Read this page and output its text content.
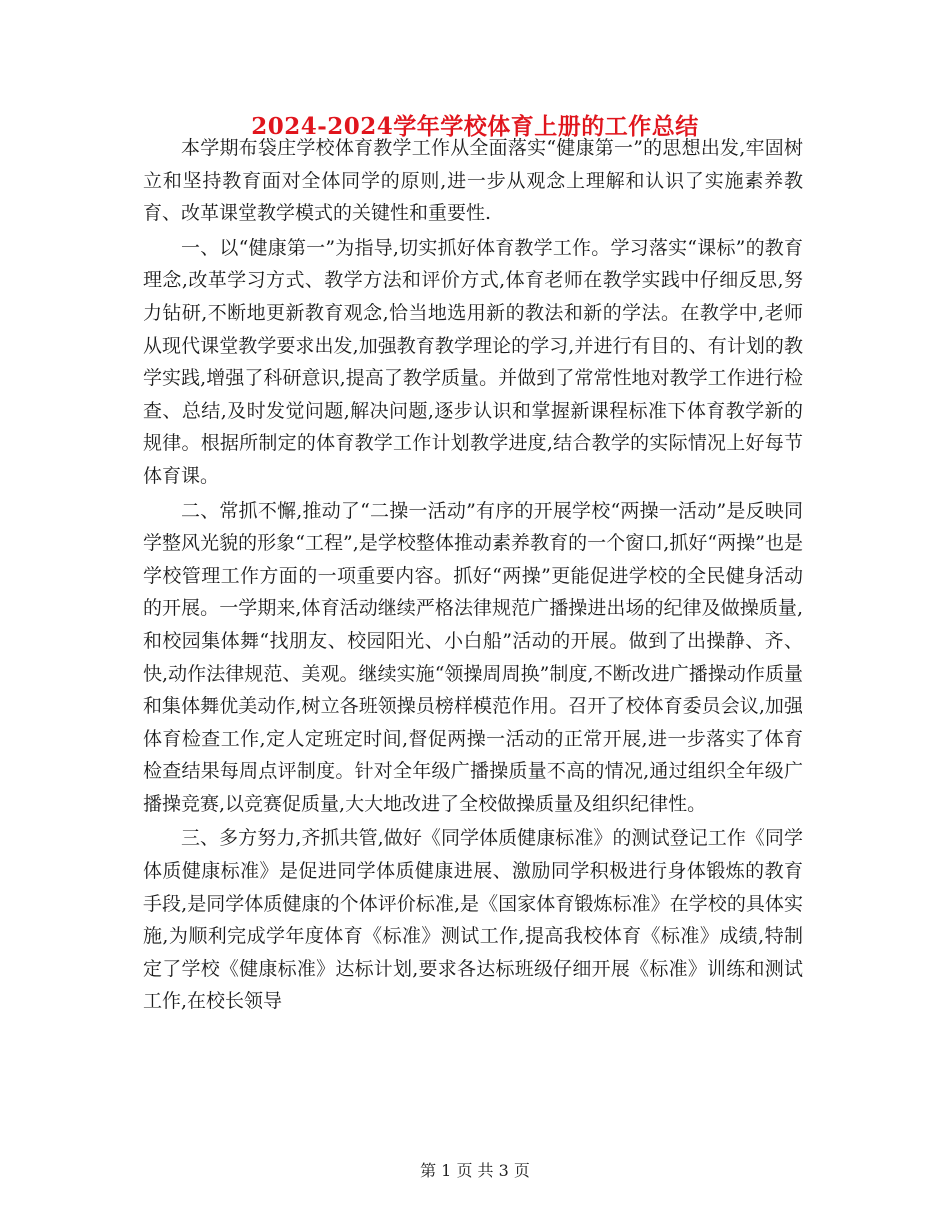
2024-2024学年学校体育上册的工作总结

本学期布袋庄学校体育教学工作从全面落实“健康第一”的思想出发,牢固树立和坚持教育面对全体同学的原则,进一步从观念上理解和认识了实施素养教育、改革课堂教学模式的关键性和重要性.

一、以“健康第一”为指导,切实抓好体育教学工作。学习落实“课标”的教育理念,改革学习方式、教学方法和评价方式,体育老师在教学实践中仔细反思,努力钻研,不断地更新教育观念,恰当地选用新的教法和新的学法。在教学中,老师从现代课堂教学要求出发,加强教育教学理论的学习,并进行有目的、有计划的教学实践,增强了科研意识,提高了教学质量。并做到了常常性地对教学工作进行检查、总结,及时发觉问题,解决问题,逐步认识和掌握新课程标准下体育教学新的规律。根据所制定的体育教学工作计划教学进度,结合教学的实际情况上好每节体育课。

二、常抓不懈,推动了“二操一活动”有序的开展学校“两操一活动”是反映同学整风光貌的形象“工程”,是学校整体推动素养教育的一个窗口,抓好“两操”也是学校管理工作方面的一项重要内容。抓好“两操”更能促进学校的全民健身活动的开展。一学期来,体育活动继续严格法律规范广播操进出场的纪律及做操质量,和校园集体舞“找朋友、校园阳光、小白船”活动的开展。做到了出操静、齐、快,动作法律规范、美观。继续实施“领操周周换”制度,不断改进广播操动作质量和集体舞优美动作,树立各班领操员榜样模范作用。召开了校体育委员会议,加强体育检查工作,定人定班定时间,督促两操一活动的正常开展,进一步落实了体育检查结果每周点评制度。针对全年级广播操质量不高的情况,通过组织全年级广播操竞赛,以竞赛促质量,大大地改进了全校做操质量及组织纪律性。

三、多方努力,齐抓共管,做好《同学体质健康标准》的测试登记工作《同学体质健康标准》是促进同学体质健康进展、激励同学积极进行身体锻炼的教育手段,是同学体质健康的个体评价标准,是《国家体育锻炼标准》在学校的具体实施,为顺利完成学年度体育《标准》测试工作,提高我校体育《标准》成绩,特制定了学校《健康标准》达标计划,要求各达标班级仔细开展《标准》训练和测试工作,在校长领导

第 1 页 共 3 页
